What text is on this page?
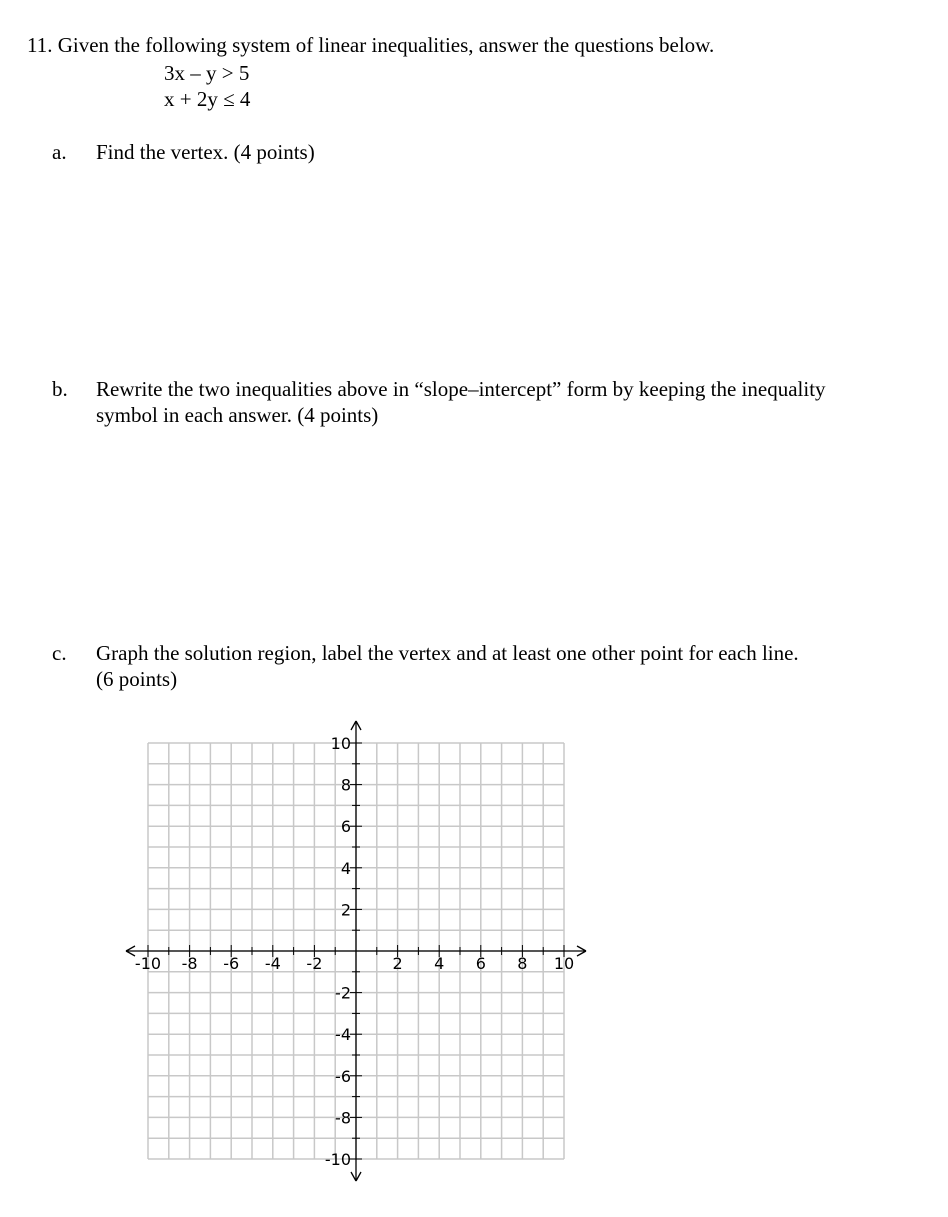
11. Given the following system of linear inequalities, answer the questions below.
3x – y > 5
x + 2y ≤ 4
a. Find the vertex. (4 points)
b. Rewrite the two inequalities above in “slope–intercept” form by keeping the inequality
symbol in each answer. (4 points)
c. Graph the solution region, label the vertex and at least one other point for each line.
(6 points)
-10 -8 -6 -4 -2	2 4 6 8 10
10
8
6
4
2
-2
-4
-6
-8
-10
